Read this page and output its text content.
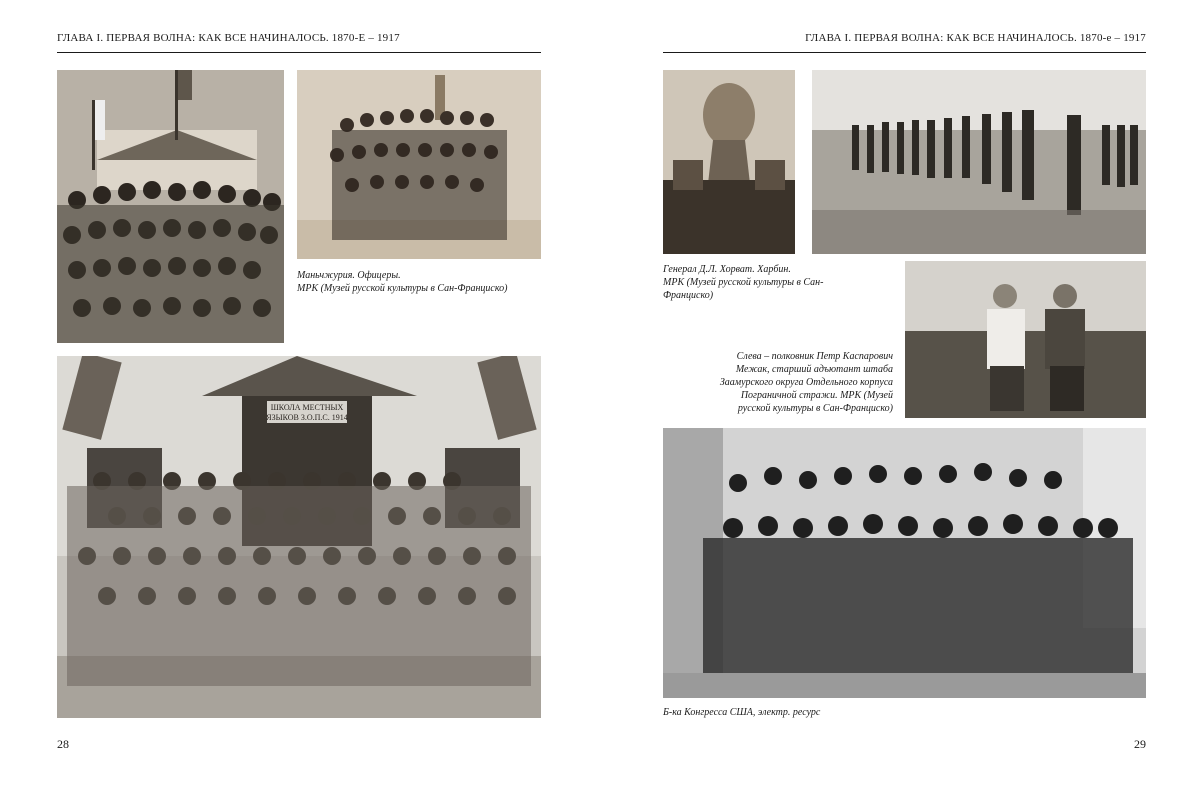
ГЛАВА I. ПЕРВАЯ ВОЛНА: КАК ВСЕ НАЧИНАЛОСЬ. 1870-Е – 1917
Маньчжурия. Офицеры.
МРК (Музей русской культуры в Сан-Франциско)
ШКОЛА МЕСТНЫХ
ЯЗЫКОВ З.О.П.С. 1914
28
ГЛАВА I. ПЕРВАЯ ВОЛНА: КАК ВСЕ НАЧИНАЛОСЬ. 1870-е – 1917
Генерал Д.Л. Хорват. Харбин.
МРК (Музей русской культуры в Сан-
Франциско)
Слева – полковник Петр Каспарович
Межак, старший адъютант штаба
Заамурского округа Отдельного корпуса
Пограничной стражи. МРК (Музей
русской культуры в Сан-Франциско)
Б-ка Конгресса США, электр. ресурс
29
